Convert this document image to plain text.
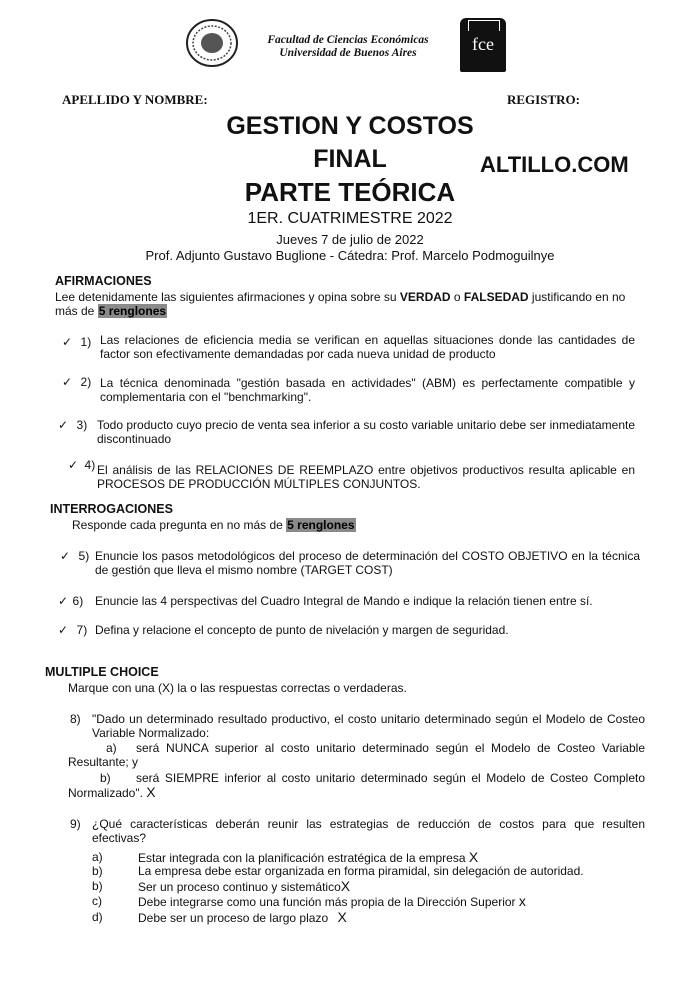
Facultad de Ciencias Económicas
Universidad de Buenos Aires	fce
APELLIDO Y NOMBRE:	REGISTRO:
GESTION Y COSTOS
FINAL
PARTE TEÓRICA
ALTILLO.COM
1ER. CUATRIMESTRE 2022
Jueves 7 de julio de 2022
Prof. Adjunto Gustavo Buglione - Cátedra: Prof. Marcelo Podmoguilnye
AFIRMACIONES
Lee detenidamente las siguientes afirmaciones y opina sobre su VERDAD o FALSEDAD justificando en no
más de 5 renglones
✓ 1) Las relaciones de eficiencia media se verifican en aquellas situaciones donde las cantidades de factor son efectivamente demandadas por cada nueva unidad de producto
✓ 2) La técnica denominada "gestión basada en actividades" (ABM) es perfectamente compatible y complementaria con el "benchmarking".
✓ 3) Todo producto cuyo precio de venta sea inferior a su costo variable unitario debe ser inmediatamente discontinuado
✓ 4) El análisis de las RELACIONES DE REEMPLAZO entre objetivos productivos resulta aplicable en PROCESOS DE PRODUCCIÓN MÚLTIPLES CONJUNTOS.
INTERROGACIONES
Responde cada pregunta en no más de 5 renglones
✓ 5) Enuncie los pasos metodológicos del proceso de determinación del COSTO OBJETIVO en la técnica de gestión que lleva el mismo nombre (TARGET COST)
✓ 6) Enuncie las 4 perspectivas del Cuadro Integral de Mando e indique la relación tienen entre sí.
✓ 7) Defina y relacione el concepto de punto de nivelación y margen de seguridad.
MULTIPLE CHOICE
Marque con una (X) la o las respuestas correctas o verdaderas.
8) "Dado un determinado resultado productivo, el costo unitario determinado según el Modelo de Costeo Variable Normalizado:
a)	será NUNCA superior al costo unitario determinado según el Modelo de Costeo Variable Resultante; y
b)	será SIEMPRE inferior al costo unitario determinado según el Modelo de Costeo Completo Normalizado". X
9) ¿Qué características deberán reunir las estrategias de reducción de costos para que resulten efectivas?
a)	Estar integrada con la planificación estratégica de la empresa X
b)	La empresa debe estar organizada en forma piramidal, sin delegación de autoridad.
b)	Ser un proceso continuo y sistemáticoX
c)	Debe integrarse como una función más propia de la Dirección Superior x
d)	Debe ser un proceso de largo plazo X
